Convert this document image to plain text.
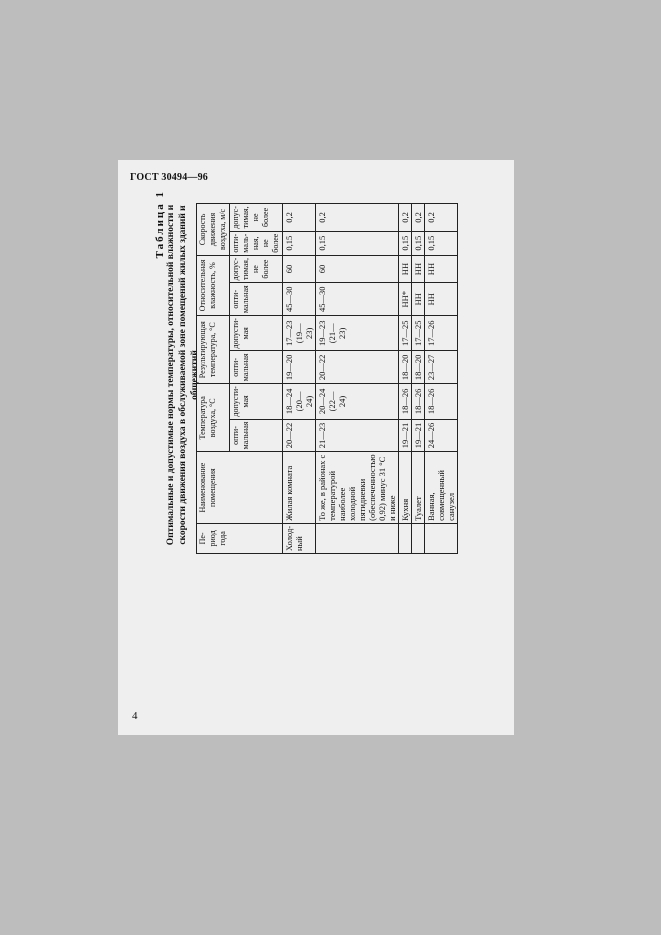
ГОСТ 30494—96
4
Таблица 1 Оптимальные и допустимые нормы температуры, относительной влажности и скорости движения воздуха в обслуживаемой зоне помещений жилых зданий и общежитий
Пе-риод года	Наименование помещения	Температура воздуха, °С		Результирующая температура, °С		Относительная влажность, %		Скорость движения воздуха, м/с	
		опти-мальная	допусти-мая	опти-мальная	допусти-мая	опти-мальная	допус-тимая, не более	опти-маль-ная, не более	допус-тимая, не более
Холод-ный	Жилая комната	20—22	18—24 (20—24)	19—20	17—23 (19—23)	45—30	60	0,15	0,2
	То же, в районах с температурой наиболее холодной пятидневки (обеспеченностью 0,92) минус 31 °С и ниже	21—23	20—24 (22—24)	20—22	19—23 (21—23)	45—30	60	0,15	0,2
	Кухня	19—21	18—26	18—20	17—25	НН*	НН	0,15	0,2
	Туалет	19—21	18—26	18—20	17—25	НН	НН	0,15	0,2
	Ванная, совмещенный санузел	24—26	18—26	23—27	17—26	НН	НН	0,15	0,2
